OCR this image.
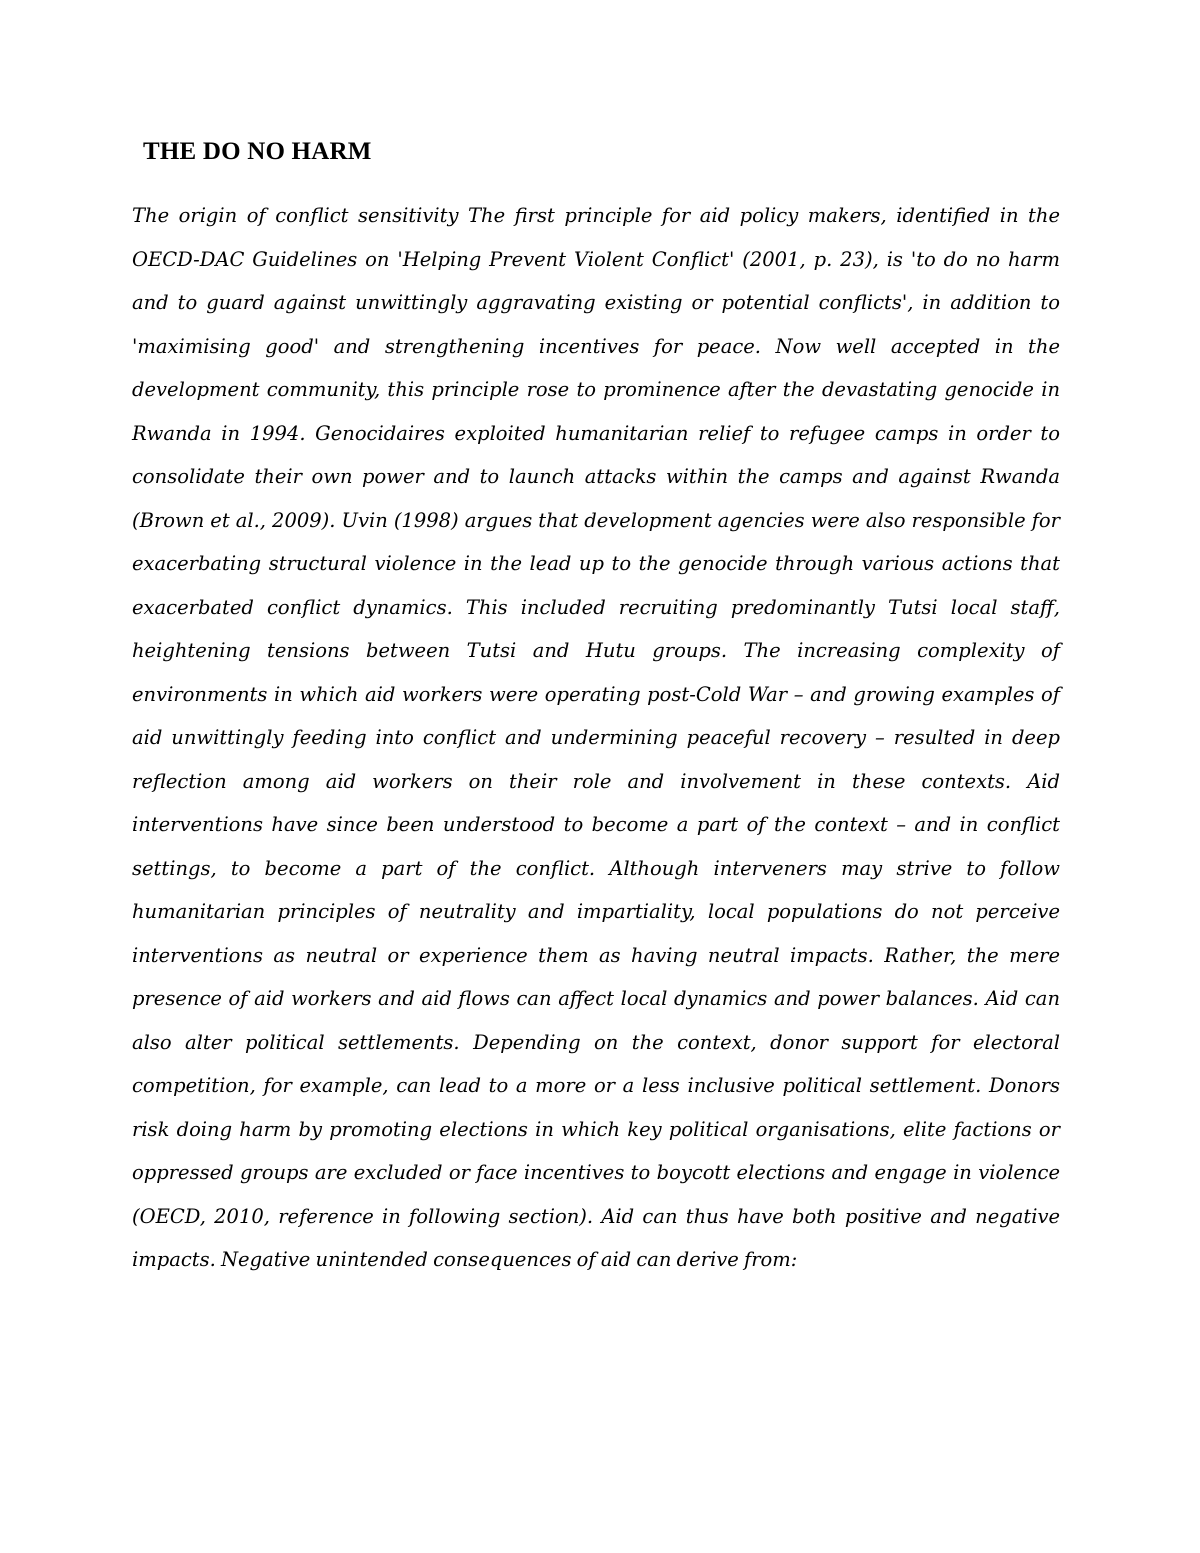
THE DO NO HARM

The origin of conflict sensitivity The first principle for aid policy makers, identified in the OECD-DAC Guidelines on 'Helping Prevent Violent Conflict' (2001, p. 23), is 'to do no harm and to guard against unwittingly aggravating existing or potential conflicts', in addition to 'maximising good' and strengthening incentives for peace. Now well accepted in the development community, this principle rose to prominence after the devastating genocide in Rwanda in 1994. Genocidaires exploited humanitarian relief to refugee camps in order to consolidate their own power and to launch attacks within the camps and against Rwanda (Brown et al., 2009). Uvin (1998) argues that development agencies were also responsible for exacerbating structural violence in the lead up to the genocide through various actions that exacerbated conflict dynamics. This included recruiting predominantly Tutsi local staff, heightening tensions between Tutsi and Hutu groups. The increasing complexity of environments in which aid workers were operating post-Cold War – and growing examples of aid unwittingly feeding into conflict and undermining peaceful recovery – resulted in deep reflection among aid workers on their role and involvement in these contexts. Aid interventions have since been understood to become a part of the context – and in conflict settings, to become a part of the conflict. Although interveners may strive to follow humanitarian principles of neutrality and impartiality, local populations do not perceive interventions as neutral or experience them as having neutral impacts. Rather, the mere presence of aid workers and aid flows can affect local dynamics and power balances. Aid can also alter political settlements. Depending on the context, donor support for electoral competition, for example, can lead to a more or a less inclusive political settlement. Donors risk doing harm by promoting elections in which key political organisations, elite factions or oppressed groups are excluded or face incentives to boycott elections and engage in violence (OECD, 2010, reference in following section). Aid can thus have both positive and negative impacts. Negative unintended consequences of aid can derive from:
